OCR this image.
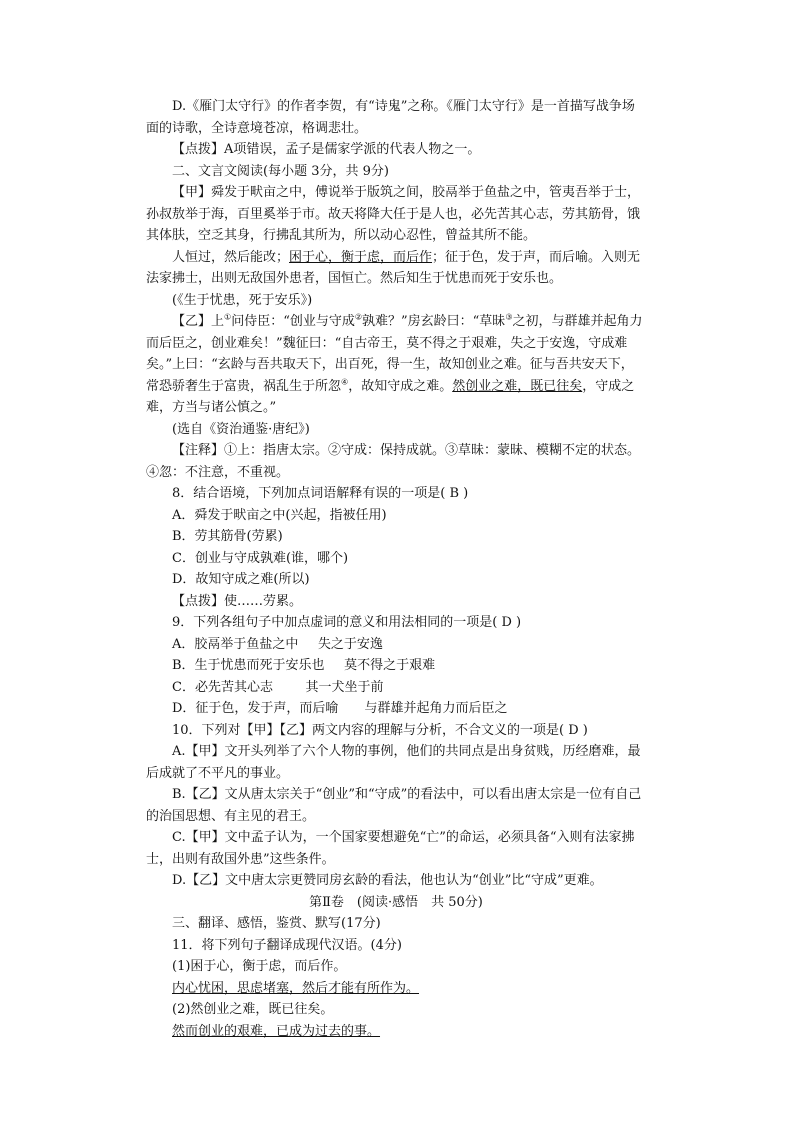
D.《雁门太守行》的作者李贺，有“诗鬼”之称。《雁门太守行》是一首描写战争场面的诗歌，全诗意境苍凉，格调悲壮。

【点拨】A项错误，孟子是儒家学派的代表人物之一。

二、文言文阅读(每小题 3分，共 9分)

【甲】舜发于畎亩之中，傅说举于版筑之间，胶鬲举于鱼盐之中，管夷吾举于士，孙叔敖举于海，百里奚举于市。故天将降大任于是人也，必先苦其心志，劳其筋骨，饿其体肤，空乏其身，行拂乱其所为，所以动心忍性，曾益其所不能。

人恒过，然后能改；困于心，衡于虑，而后作；征于色，发于声，而后喻。入则无法家拂士，出则无敌国外患者，国恒亡。然后知生于忧患而死于安乐也。

(《生于忧患，死于安乐》)

【乙】上①问侍臣：“创业与守成②孰难？”房玄龄曰：“草昧③之初，与群雄并起角力而后臣之，创业难矣！”魏征曰：“自古帝王，莫不得之于艰难，失之于安逸，守成难矣。”上曰：“玄龄与吾共取天下，出百死，得一生，故知创业之难。征与吾共安天下，常恐骄奢生于富贵，祸乱生于所忽④，故知守成之难。然创业之难，既已往矣，守成之难，方当与诸公慎之。”

(选自《资治通鉴·唐纪》)

【注释】①上：指唐太宗。②守成：保持成就。③草昧：蒙昧、模糊不定的状态。④忽：不注意，不重视。

8．结合语境，下列加点词语解释有误的一项是( B )

A．舜发于畎亩之中(兴起，指被任用)

B．劳其筋骨(劳累)

C．创业与守成孰难(谁，哪个)

D．故知守成之难(所以)

【点拨】使……劳累。

9．下列各组句子中加点虚词的意义和用法相同的一项是( D )

A．胶鬲举于鱼盐之中 失之于安逸

B．生于忧患而死于安乐也 莫不得之于艰难

C．必先苦其心志	其一犬坐于前

D．征于色，发于声，而后喻 与群雄并起角力而后臣之

10．下列对【甲】【乙】两文内容的理解与分析，不合文义的一项是( D )

A.【甲】文开头列举了六个人物的事例，他们的共同点是出身贫贱，历经磨难，最后成就了不平凡的事业。

B.【乙】文从唐太宗关于“创业”和“守成”的看法中，可以看出唐太宗是一位有自己的治国思想、有主见的君王。

C.【甲】文中孟子认为，一个国家要想避免“亡”的命运，必须具备“入则有法家拂士，出则有敌国外患”这些条件。

D.【乙】文中唐太宗更赞同房玄龄的看法，他也认为“创业”比“守成”更难。

第Ⅱ卷　(阅读·感悟　共 50分)

三、翻译、感悟，鉴赏、默写(17分)

11．将下列句子翻译成现代汉语。(4分)

(1)困于心，衡于虑，而后作。

内心忧困，思虑堵塞，然后才能有所作为。

(2)然创业之难，既已往矣。

然而创业的艰难，已成为过去的事。
